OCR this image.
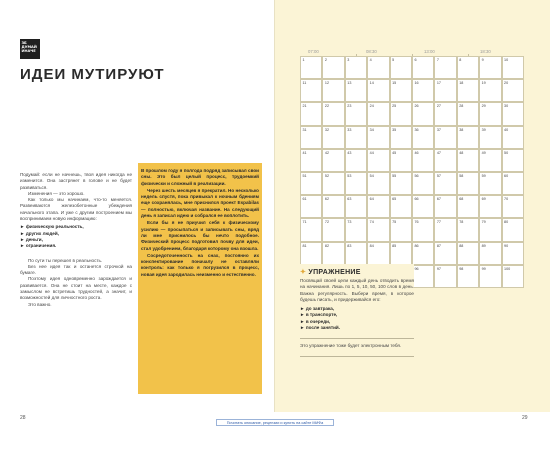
ЗБ
ДУМАЙ
ИНАЧЕ
ИДЕИ МУТИРУЮТ

Подумай: если не начнешь, твоя идея никогда не изменится. Она застрянет в голове и не будет развиваться.

Изменения — это хорошо.

Как только мы начинаем, что-то меняется. Развеиваются железобетонные убеждения начального этапа. И уже с другим построением мы воспринимаем новую информацию:

► физическую реальность,
► других людей,
► деньги,
► ограничения.

По сути ты перешел в реальность.

Без нее идея так и останется строчкой на бумаге.

Поэтому идея одновременно зарождается и развивается. Она не стоит на месте, каждое с замыслом не встретишь трудностей, а значит, и возможностей для личностного роста.

Это важно.

В прошлом году я полгода подряд записывал свои сны. Это был целый процесс, трудоемкий физически и сложный в реализации.

Через шесть месяцев я прекратил. Но несколько недель спустя, пока привыкал к ночным бдениям еще сохранялась, мне приснился проект Espabilas — полностью, включая название. На следующий день я записал идею и собрался ее воплотить.

Если бы я не приучил себя к физическому усилию — просыпаться и записывать сны, вряд ли мне приснилось бы нечто подобное. Физический процесс подготовил почву для идеи, стал удобрением, благодаря которому она взошла.

Сосредоточенность на снах, постоянно их конспектирование поначалу не оставляли контроль: как только я погрузился в процесс, новая идея зародилась неизменно и естественно.

28
07:00	08:30	13:00	18:30
1	2	3	4	5	6	7	8	9	10
11	12	13	14	15	16	17	18	19	20
21	22	23	24	25	26	27	28	29	30
31	32	33	34	35	36	37	38	39	40
41	42	43	44	45	46	47	48	49	50
51	52	53	54	55	56	57	58	59	60
61	62	63	64	65	66	67	68	69	70
71	72	73	74	75	76	77	78	79	80
81	82	83	84	85	86	87	88	89	90
96	97	98	99	100
✦ УПРАЖНЕНИЕ

Посвящай своей цели каждый день отводить время на начинания. Лишь по 1, 5, 10, 50, 100 слов в день. Важна регулярность. Выбери время, в которое будешь писать, и придерживайся его:

► до завтрака,
► в транспорте,
► в очереди,
► после занятий.
Это упражнение тоже будет электронным тебя.
29
Почитать описание, рецензии и купить на сайте МИФа
